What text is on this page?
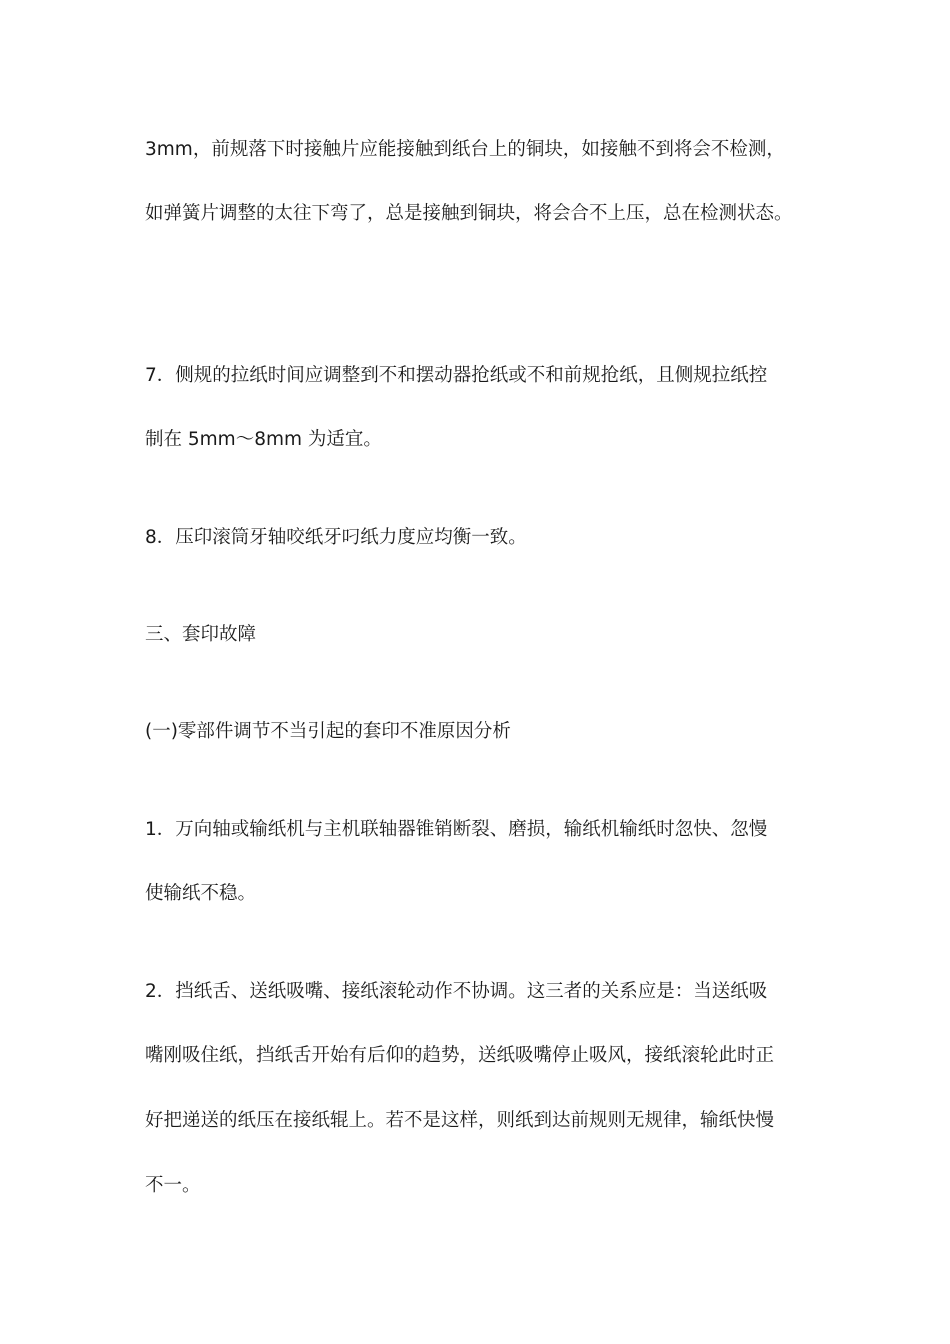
3mm，前规落下时接触片应能接触到纸台上的铜块，如接触不到将会不检测，
如弹簧片调整的太往下弯了，总是接触到铜块，将会合不上压，总在检测状态。
7．侧规的拉纸时间应调整到不和摆动器抢纸或不和前规抢纸，且侧规拉纸控
制在 5mm～8mm 为适宜。
8．压印滚筒牙轴咬纸牙叼纸力度应均衡一致。
三、套印故障
(一)零部件调节不当引起的套印不准原因分析
1．万向轴或输纸机与主机联轴器锥销断裂、磨损，输纸机输纸时忽快、忽慢
使输纸不稳。
2．挡纸舌、送纸吸嘴、接纸滚轮动作不协调。这三者的关系应是：当送纸吸
嘴刚吸住纸，挡纸舌开始有后仰的趋势，送纸吸嘴停止吸风，接纸滚轮此时正
好把递送的纸压在接纸辊上。若不是这样，则纸到达前规则无规律，输纸快慢
不一。
